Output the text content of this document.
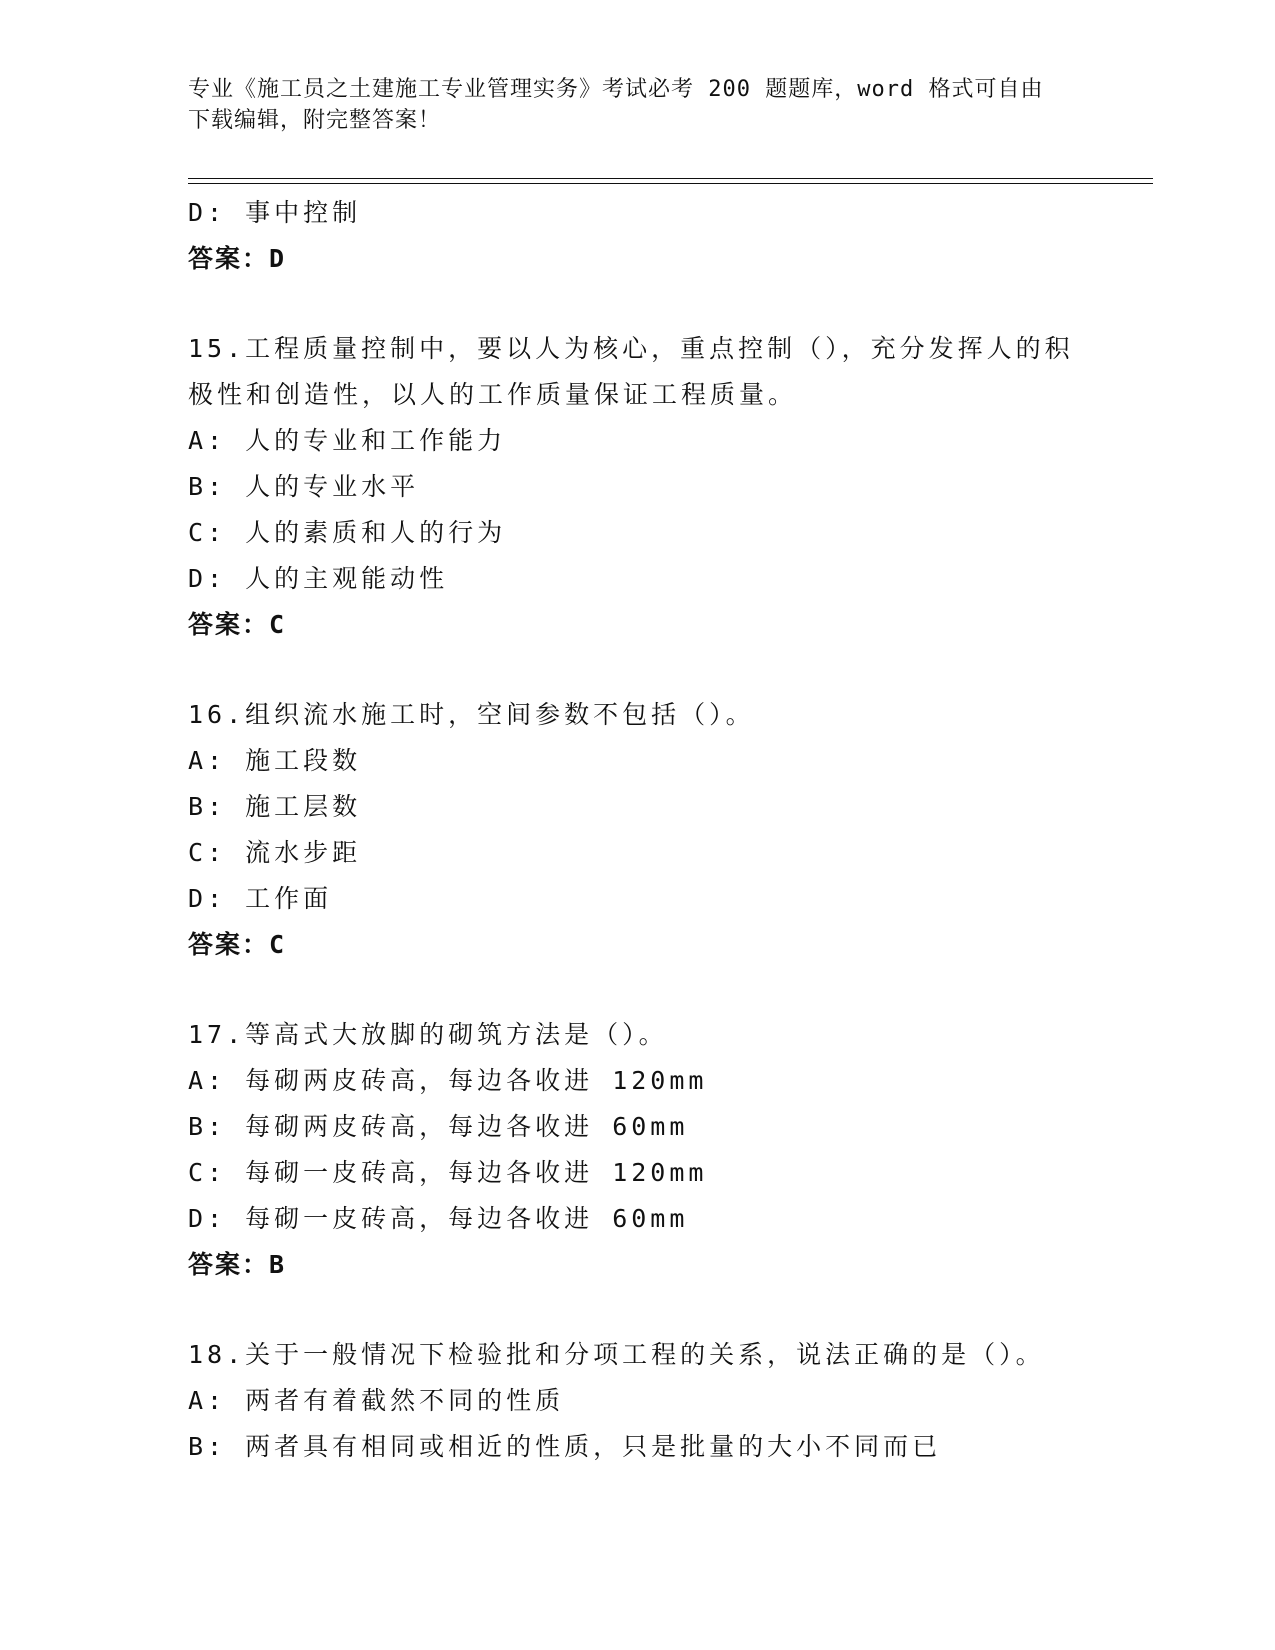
专业《施工员之土建施工专业管理实务》考试必考 200 题题库，word 格式可自由
下载编辑，附完整答案！
D: 事中控制
答案：D
15.工程质量控制中，要以人为核心，重点控制（），充分发挥人的积
极性和创造性，以人的工作质量保证工程质量。
A: 人的专业和工作能力
B: 人的专业水平
C: 人的素质和人的行为
D: 人的主观能动性
答案：C
16.组织流水施工时，空间参数不包括（）。
A: 施工段数
B: 施工层数
C: 流水步距
D: 工作面
答案：C
17.等高式大放脚的砌筑方法是（）。
A: 每砌两皮砖高，每边各收进 120mm
B: 每砌两皮砖高，每边各收进 60mm
C: 每砌一皮砖高，每边各收进 120mm
D: 每砌一皮砖高，每边各收进 60mm
答案：B
18.关于一般情况下检验批和分项工程的关系，说法正确的是（）。
A: 两者有着截然不同的性质
B: 两者具有相同或相近的性质，只是批量的大小不同而已
